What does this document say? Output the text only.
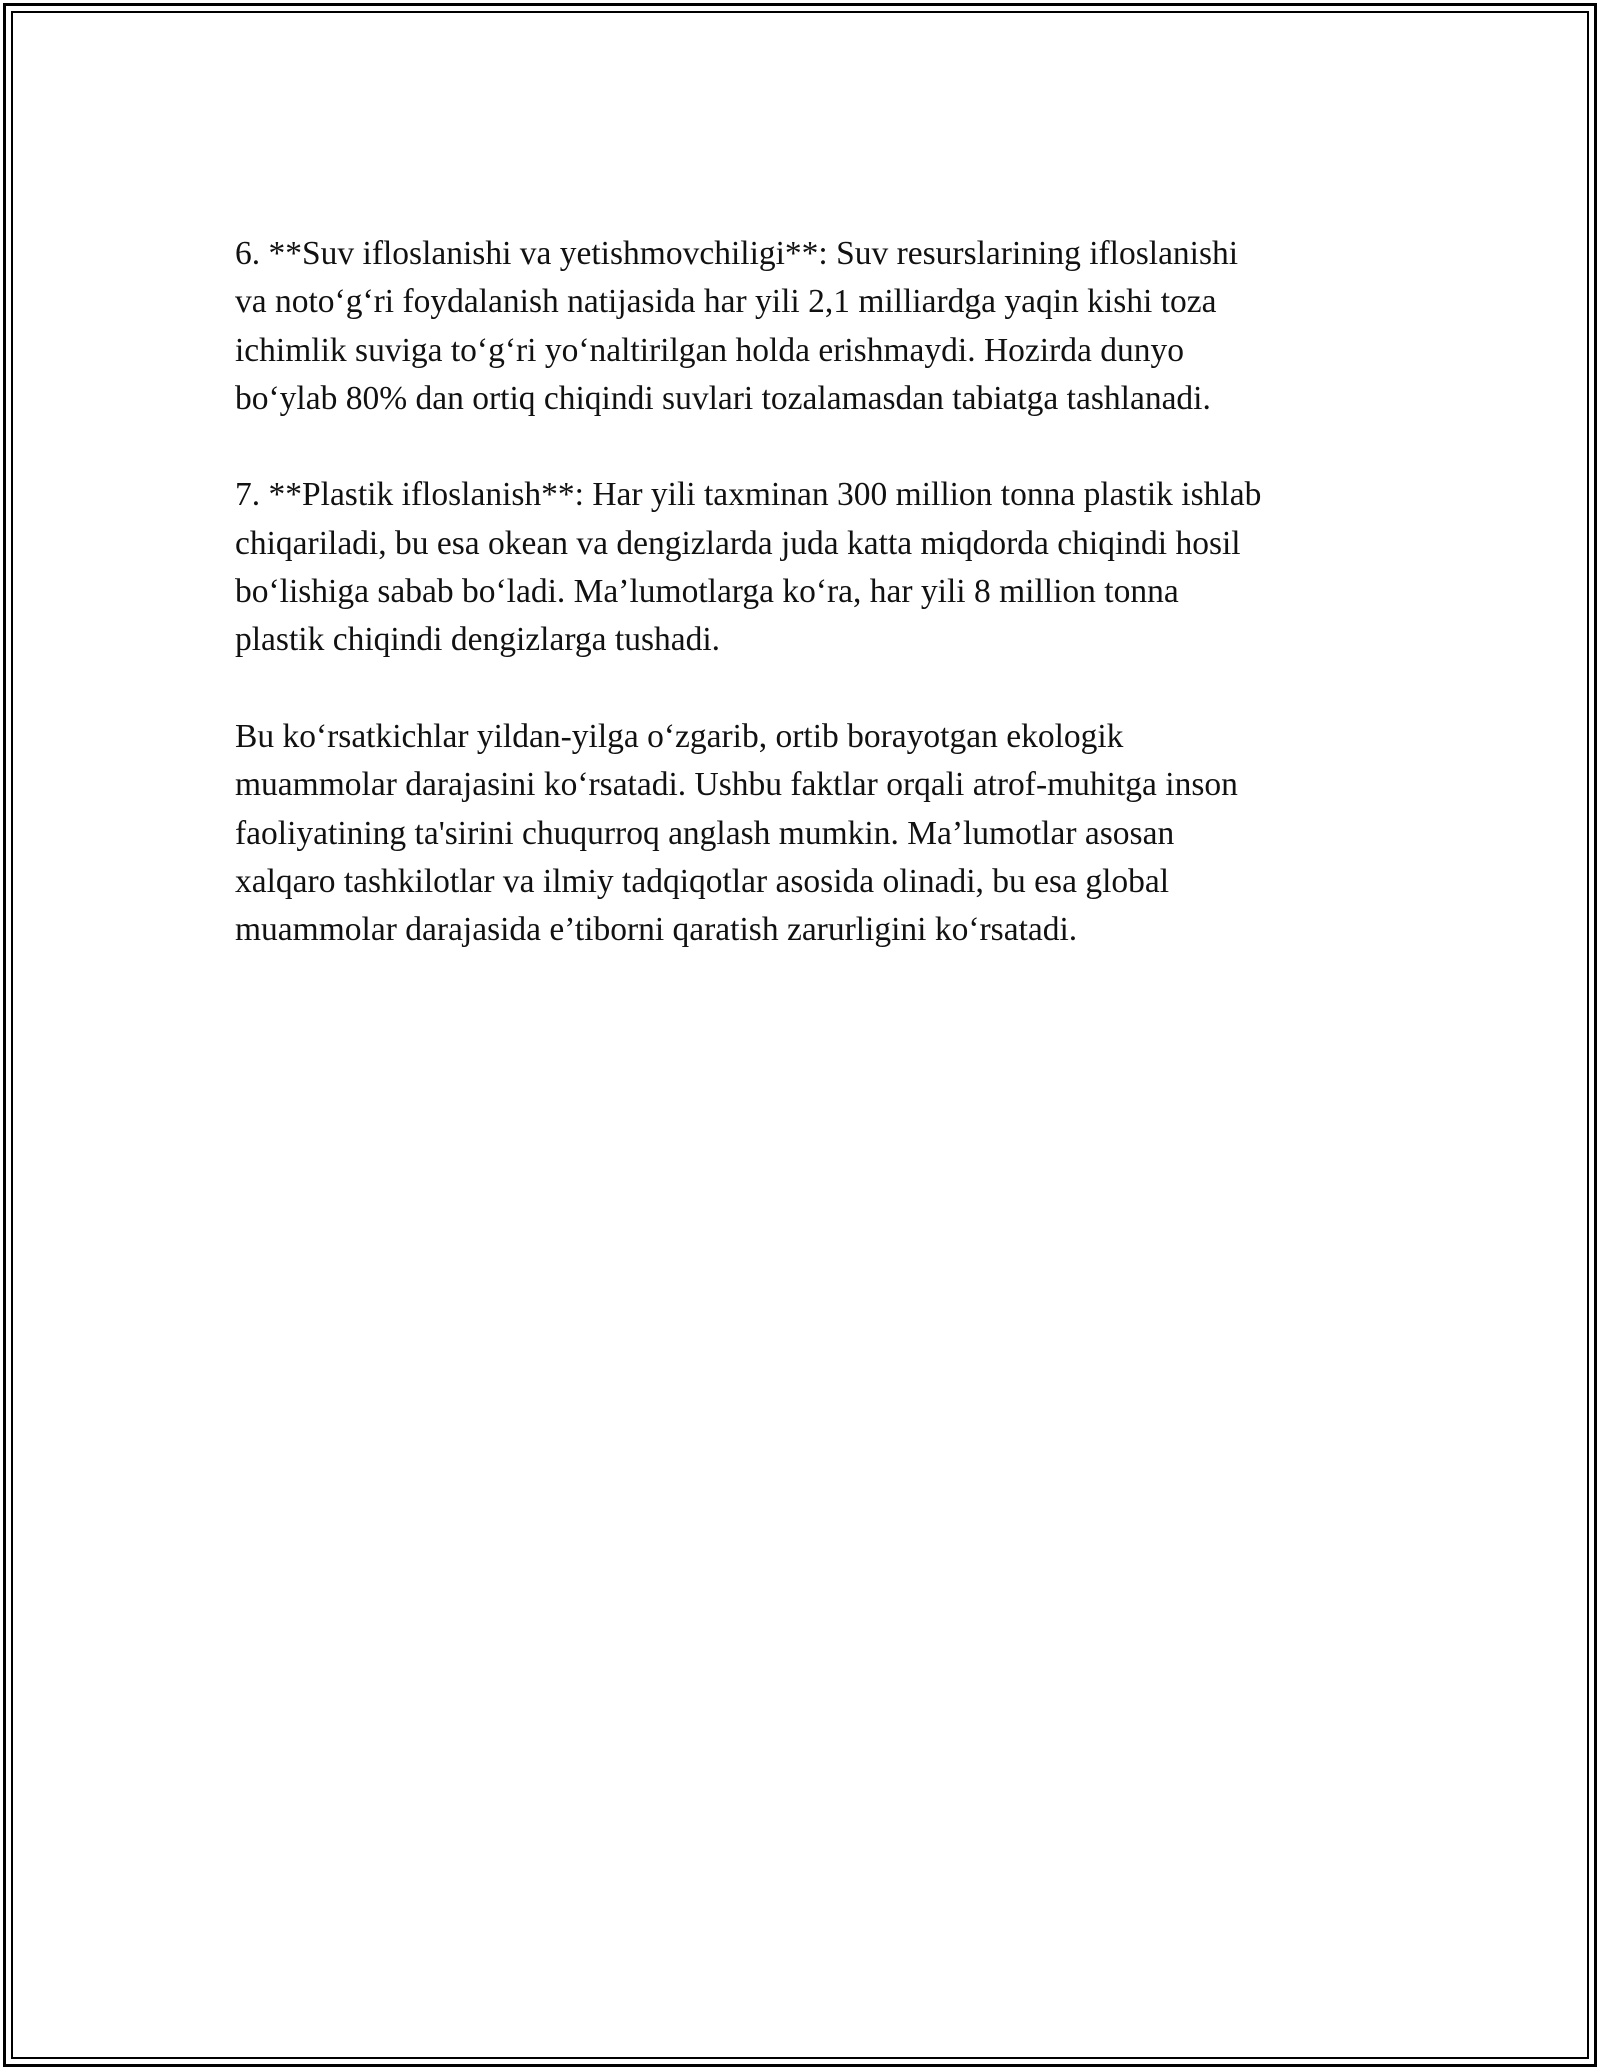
6. **Suv ifloslanishi va yetishmovchiligi**: Suv resurslarining ifloslanishi
va noto‘g‘ri foydalanish natijasida har yili 2,1 milliardga yaqin kishi toza
ichimlik suviga to‘g‘ri yo‘naltirilgan holda erishmaydi. Hozirda dunyo
bo‘ylab 80% dan ortiq chiqindi suvlari tozalamasdan tabiatga tashlanadi.

7. **Plastik ifloslanish**: Har yili taxminan 300 million tonna plastik ishlab
chiqariladi, bu esa okean va dengizlarda juda katta miqdorda chiqindi hosil
bo‘lishiga sabab bo‘ladi. Ma’lumotlarga ko‘ra, har yili 8 million tonna
plastik chiqindi dengizlarga tushadi.

Bu ko‘rsatkichlar yildan-yilga o‘zgarib, ortib borayotgan ekologik
muammolar darajasini ko‘rsatadi. Ushbu faktlar orqali atrof-muhitga inson
faoliyatining ta'sirini chuqurroq anglash mumkin. Ma’lumotlar asosan
xalqaro tashkilotlar va ilmiy tadqiqotlar asosida olinadi, bu esa global
muammolar darajasida e’tiborni qaratish zarurligini ko‘rsatadi.
